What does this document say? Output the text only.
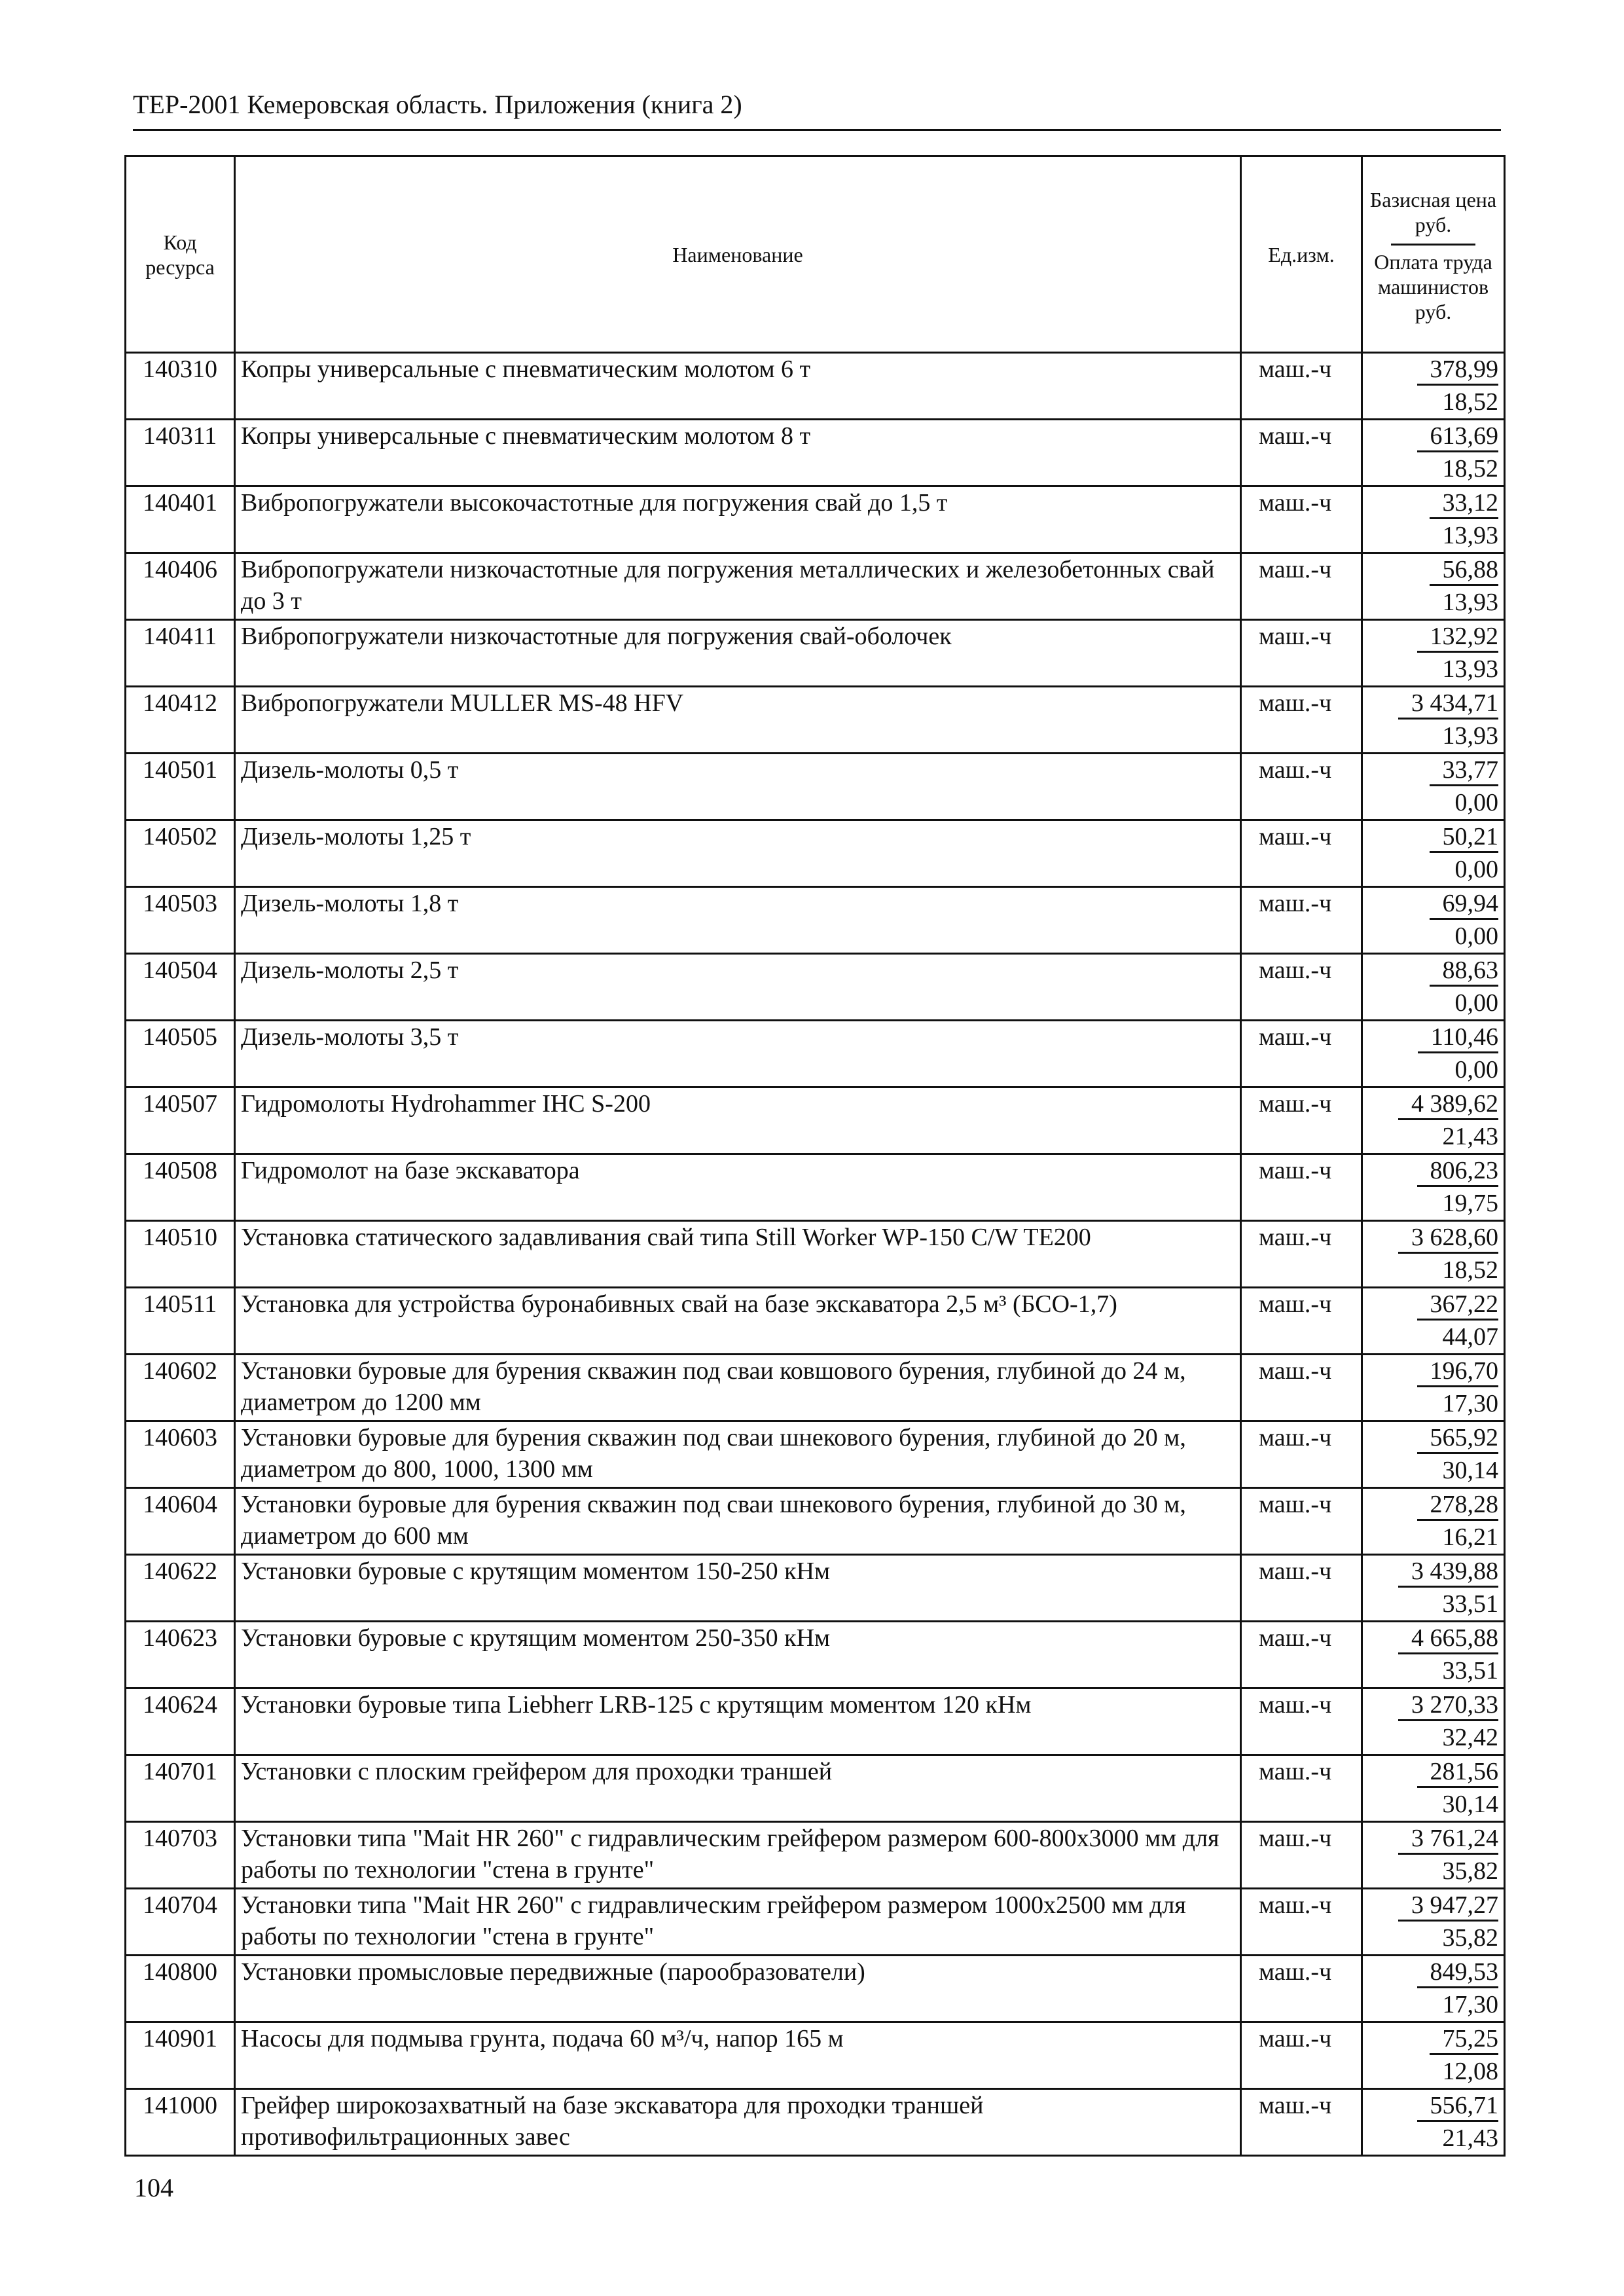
ТЕР-2001 Кемеровская область. Приложения (книга 2)
Код ресурса	Наименование	Ед.изм.	Базисная цена руб.
Оплата труда машинистов руб.

140310	Копры универсальные с пневматическим молотом 6 т	маш.-ч	378,99
18,52

140311	Копры универсальные с пневматическим молотом 8 т	маш.-ч	613,69
18,52

140401	Вибропогружатели высокочастотные для погружения свай до 1,5 т	маш.-ч	33,12
13,93

140406	Вибропогружатели низкочастотные для погружения металлических и железобетонных свай до 3 т	маш.-ч	56,88
13,93

140411	Вибропогружатели низкочастотные для погружения свай-оболочек	маш.-ч	132,92
13,93

140412	Вибропогружатели MULLER MS-48 HFV	маш.-ч	3 434,71
13,93

140501	Дизель-молоты 0,5 т	маш.-ч	33,77
0,00

140502	Дизель-молоты 1,25 т	маш.-ч	50,21
0,00

140503	Дизель-молоты 1,8 т	маш.-ч	69,94
0,00

140504	Дизель-молоты 2,5 т	маш.-ч	88,63
0,00

140505	Дизель-молоты 3,5 т	маш.-ч	110,46
0,00

140507	Гидромолоты Hydrohammer IHC S-200	маш.-ч	4 389,62
21,43

140508	Гидромолот на базе экскаватора	маш.-ч	806,23
19,75

140510	Установка статического задавливания свай типа Still Worker WP-150 C/W TE200	маш.-ч	3 628,60
18,52

140511	Установка для устройства буронабивных свай на базе экскаватора 2,5 м³ (БСО-1,7)	маш.-ч	367,22
44,07

140602	Установки буровые для бурения скважин под сваи ковшового бурения, глубиной до 24 м, диаметром до 1200 мм	маш.-ч	196,70
17,30

140603	Установки буровые для бурения скважин под сваи шнекового бурения, глубиной до 20 м, диаметром до 800, 1000, 1300 мм	маш.-ч	565,92
30,14

140604	Установки буровые для бурения скважин под сваи шнекового бурения, глубиной до 30 м, диаметром до 600 мм	маш.-ч	278,28
16,21

140622	Установки буровые с крутящим моментом 150-250 кНм	маш.-ч	3 439,88
33,51

140623	Установки буровые с крутящим моментом 250-350 кНм	маш.-ч	4 665,88
33,51

140624	Установки буровые типа Liebherr LRB-125 с крутящим моментом 120 кНм	маш.-ч	3 270,33
32,42

140701	Установки с плоским грейфером для проходки траншей	маш.-ч	281,56
30,14

140703	Установки типа "Mait HR 260" с гидравлическим грейфером размером 600-800х3000 мм для работы по технологии "стена в грунте"	маш.-ч	3 761,24
35,82

140704	Установки типа "Mait HR 260" с гидравлическим грейфером размером 1000х2500 мм для работы по технологии "стена в грунте"	маш.-ч	3 947,27
35,82

140800	Установки промысловые передвижные (парообразователи)	маш.-ч	849,53
17,30

140901	Насосы для подмыва грунта, подача 60 м³/ч, напор 165 м	маш.-ч	75,25
12,08

141000	Грейфер широкозахватный на базе экскаватора для проходки траншей противофильтрационных завес	маш.-ч	556,71
21,43
104
